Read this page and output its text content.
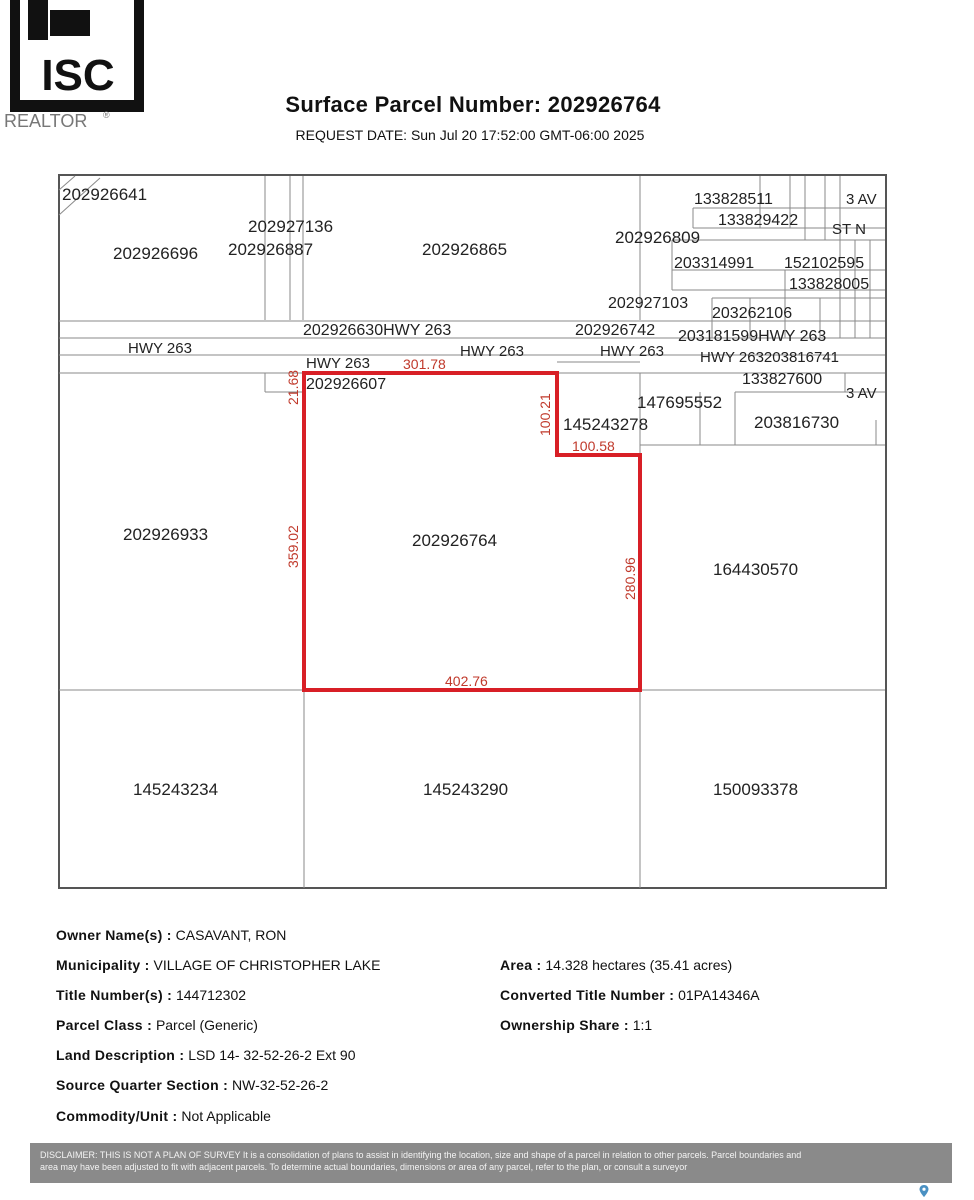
ISC
REALTOR ®	Surface Parcel Number: 202926764
REQUEST DATE: Sun Jul 20 17:52:00 GMT-06:00 2025
202926641
202927136
202926696 202926887	202926865
202926809
133828511	3 AV
133829422
ST N
203314991 152102595
133828005
202927103
203262106
202926630HWY 263	202926742 203181599HWY 263
HWY 263	HWY 263	HWY 263 HWY 263203816741
HWY 263
133827600
3 AV
202926607
147695552
145243278	203816730
202926933	202926764
164430570
145243234	145243290	150093378
301.78
21.68
100.21
100.58
359.02
280.96
402.76
Owner Name(s) : CASAVANT, RON
Municipality : VILLAGE OF CHRISTOPHER LAKE	Area : 14.328 hectares (35.41 acres)
Title Number(s) : 144712302	Converted Title Number : 01PA14346A
Parcel Class : Parcel (Generic)	Ownership Share : 1:1
Land Description : LSD 14- 32-52-26-2 Ext 90
Source Quarter Section : NW-32-52-26-2
Commodity/Unit : Not Applicable
DISCLAIMER: THIS IS NOT A PLAN OF SURVEY It is a consolidation of plans to assist in identifying the location, size and shape of a parcel in relation to other parcels. Parcel boundaries and
area may have been adjusted to fit with adjacent parcels. To determine actual boundaries, dimensions or area of any parcel, refer to the plan, or consult a surveyor
